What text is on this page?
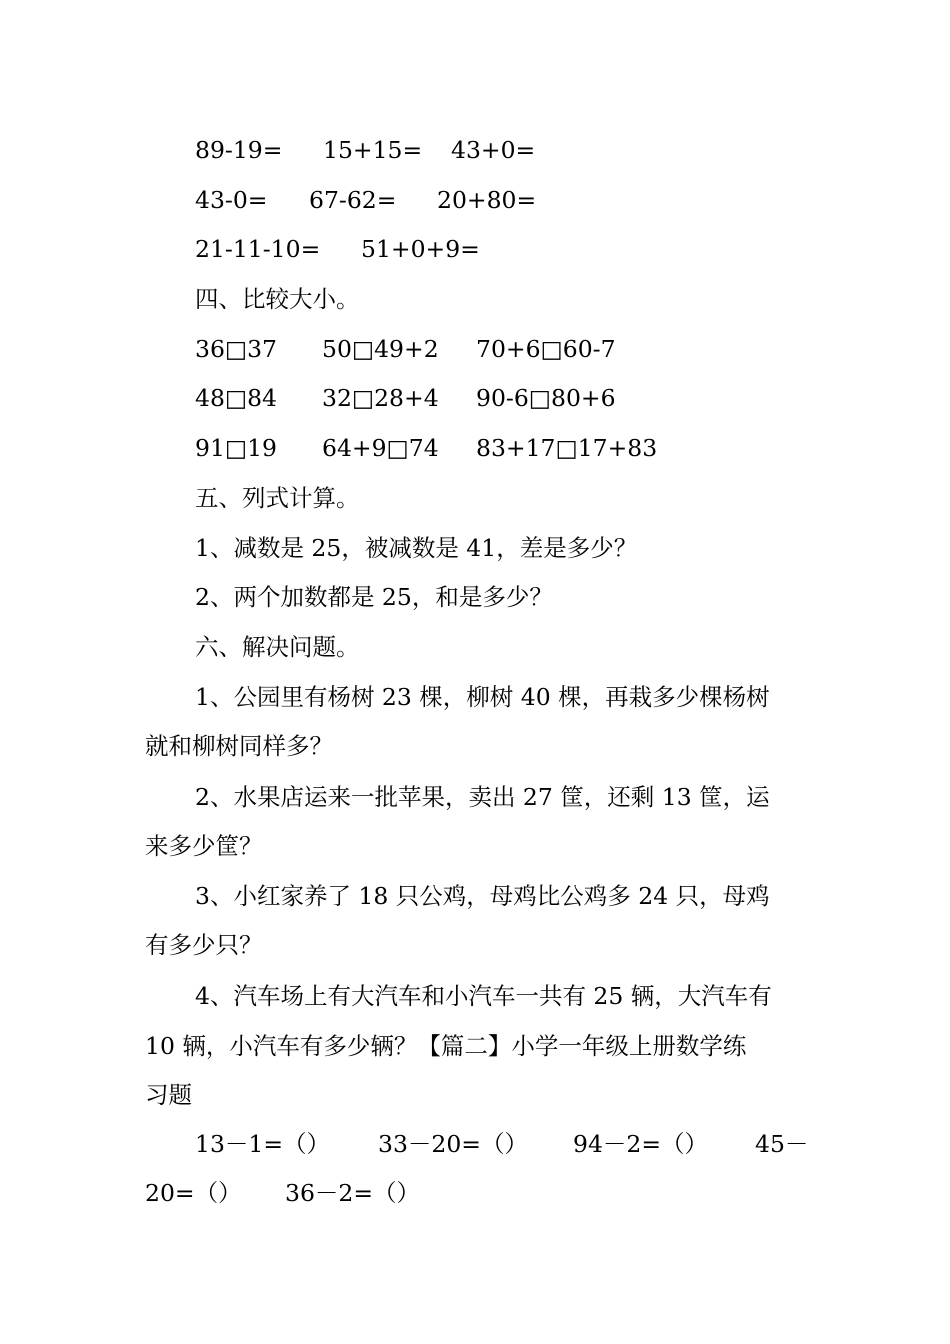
89-19= 15+15= 43+0=
43-0= 67-62= 20+80=
21-11-10= 51+0+9=
四、比较大小。
36□37 50□49+2 70+6□60-7
48□84 32□28+4 90-6□80+6
91□19 64+9□74 83+17□17+83
五、列式计算。
1、减数是 25，被减数是 41，差是多少？
2、两个加数都是 25，和是多少？
六、解决问题。
1、公园里有杨树 23 棵，柳树 40 棵，再栽多少棵杨树
就和柳树同样多？
2、水果店运来一批苹果，卖出 27 筐，还剩 13 筐，运
来多少筐？
3、小红家养了 18 只公鸡，母鸡比公鸡多 24 只，母鸡
有多少只？
4、汽车场上有大汽车和小汽车一共有 25 辆，大汽车有
10 辆，小汽车有多少辆？【篇二】小学一年级上册数学练
习题
13－1=（） 33－20=（） 94－2=（） 45－
20=（） 36－2=（）
